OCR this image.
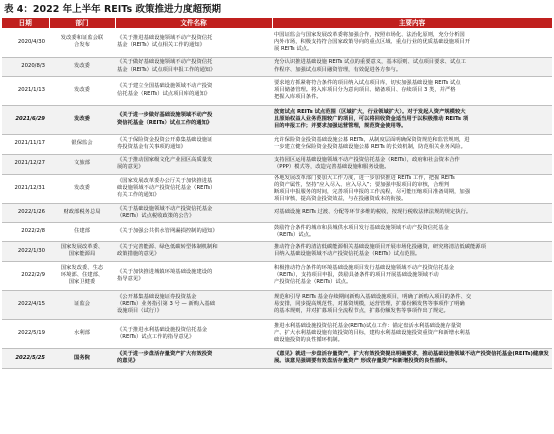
表 4：2022 年上半年 REITs 政策推进力度超预期
日期	部门	文件名称	主要内容
2020/4/30	发改委和证监会联
合发布	《关于推进基础设施领域不动产投资信托
基金（REITs）试点相关工作的通知》	中国证监会与国家发展改革委将加强合作，按照市场化、法治化原则，充分分析国
内外市场，积极支持符合国家政策导向的重点区域、重点行业的优质基础设施项目开
展 REITs 试点。

2020/8/3	发改委	《关于做好基础设施领域不动产投资信托
基金（REITs）试点项目申报工作的通知》	充分认识推进基础设施 REITs 试点的重要意义，基本原则、试点项目要求、试点工
作程序、加强试点项目融资管理，有效促进各方参与。

2021/1/13	发改委	《关于建立全国基础设施领域不动产投资
信托基金（REITs）试点项目库的通知》	要求地方抓紧将符合条件的项目纳入试点项目库，切实加强基础设施 REITs 试点
项目储备管理。将入库项目分为意向项目、储备项目、存续项目 3 类，并严格
把握入库项目条件。

2021/6/29	发改委	《关于进一步做好基础设施领域不动产投
资信托基金（REITs）试点工作的通知》	放宽试点 REITs 试点范围（区域扩大，行业领域扩大）。对于发起人资产规模较大
且原始权益人业务范围较广的项目，可以将回收资金适当用于以积极推动 REITs 项
目的申报工作；并要求加强运营管理，规范资金使用等。

2021/11/17	银保监会	《关于保险资金投资公开募集基础设施证
券投资基金有关事项的通知》	允许保险资金投资基础设施公募 REITs，从制度层面明确保资资规范和监管规则，进
一步建立健全保险资金投资基础设施公募 REITs 的长效机制，防范相关业务风险。

2021/12/27	文旅部	《关于推动国家级文化产业园区高质量发
展的意见》	支持园区运用基础设施领域不动产投资信托基金（REITs），政府和社会资本合作
（PPP）模式等，改造完善基础设施和服务设施。

2021/12/31	发改委	《国家发展改革委办公厅关于加快推进基
础设施领域不动产投资信托基金（REITs）
有关工作的通知》	各地发展改革部门要加大工作力度，进一步加快推进 REITs 工作，把握 REITs
的资产属性，坚持“应入尽入、应入尽入”；要加强申报项目的审核，合理判
断项目申报服务的时间，完善项目申报的工作流程，尽可能压缩项目准备周期，加强
项目审核，提高资金投资效益，与在投融资成本的衔接。

2022/1/26	财政部税务总局	《关于基础设施领域不动产投资信托基金
（REITs）试点税收政策的公告》	对基础设施 REITs 过渡、分配等环节多维的税收，按现行税收法律法规的规定执行。

2022/2/8	住建部	《关于加强公共供水管网漏损控制的通知》	鼓励符合条件的城市和县城供水项目发行基础设施领域不动产投资信托基金
（REITs）试点。

2022/1/30	国家发展改革委、
国家能源局	《关于完善能源、绿色低碳转型体制机制和
政策措施的意见》	推动符合条件的清洁低碳能源相关基础设施项目开展市场化投融资，研究将清洁低碳能源项
目纳入基础设施领域不动产投资信托基金（REITs）试点范围。

2022/2/9	国家发改委、生态
环境部、住建部、
国家卫健委	《关于加快推进城镇环境基础设施建设的
指导意见》	积极推动符合条件的环境基础设施项目发行基础设施领域不动产投资信托基金
（REITs），支持项目申报，鼓励具备条件的项目开展基础设施领域不动
产投资信托基金（REITs）试点。

2022/4/15	证监会	《公开募集基础设施证券投资基金
（REITs）业务指引第 3 号 — 新购入基础
设施项目（试行）》	规范和引导 REITs 基金存续期间新购入基础设施项目，明确了新购入项目的条件、交
易安排，同步提高规范性，对募资规模，运营管理，扩募份额发售等事项作了明确
的基本规则，并对扩募项目全流程节点，扩募份额发售等事项作出了规定。

2022/5/19	水利部	《关于推进水利基础设施投资信托基金
（REITs）试点工作的指导意见》	推进水利基础设施投资信托基金(REITs)试点工作：锚定盘活水利基础设施存量资
产、扩大水利基础设施有效投资的目标，建构水利基础设施投资重资产和新增水利基
础设施投资的良性循环机制。

2022/5/25	国务院	《关于进一步盘活存量资产扩大有效投资
的意见》	《意见》就进一步盘活存量资产，扩大有效投资提出明确要求，推动基础设施领域不动产投资信托基金(REITs)健康发展。该意见强调要有效盘活存量资产 形成存量资产和新增投资的良性循环。
